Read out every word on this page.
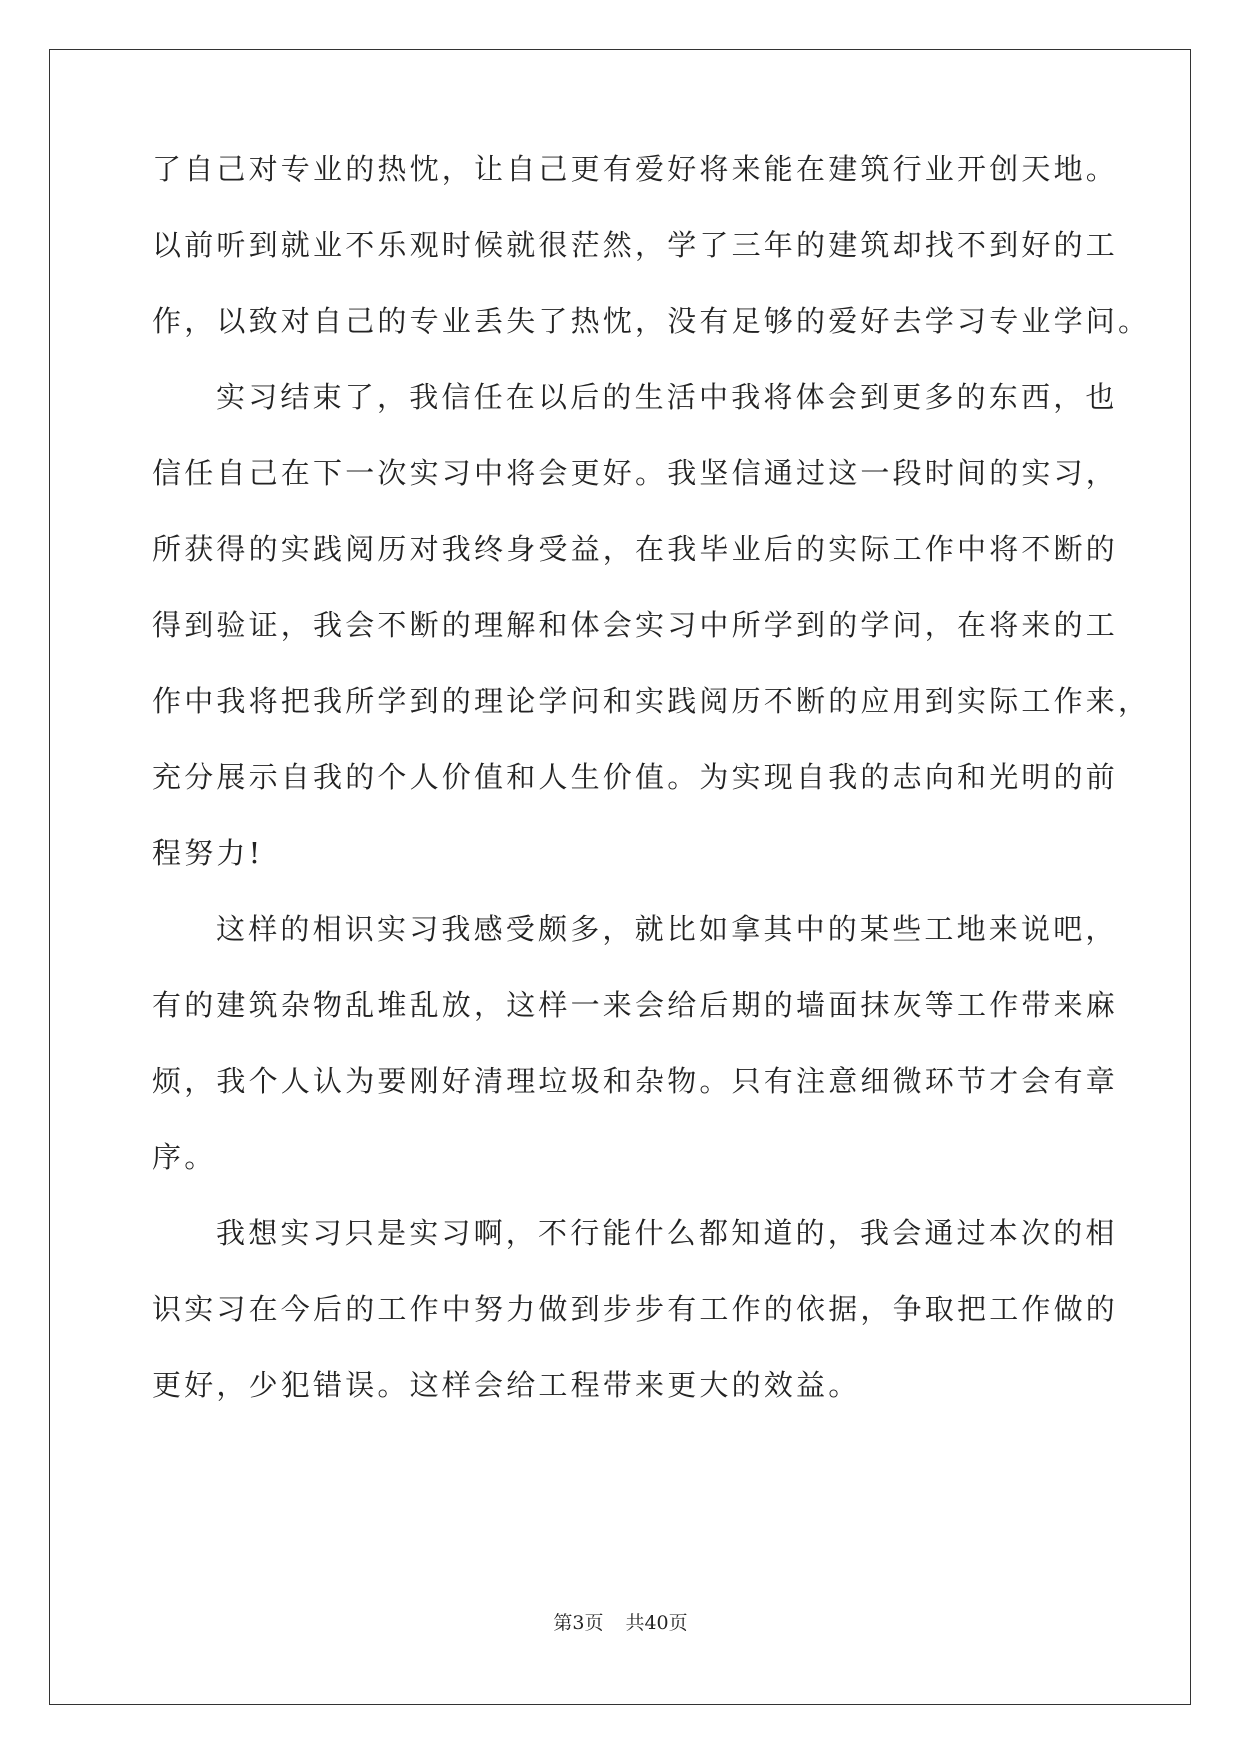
了自己对专业的热忱，让自己更有爱好将来能在建筑行业开创天地。
以前听到就业不乐观时候就很茫然，学了三年的建筑却找不到好的工
作，以致对自己的专业丢失了热忱，没有足够的爱好去学习专业学问。
实习结束了，我信任在以后的生活中我将体会到更多的东西，也
信任自己在下一次实习中将会更好。我坚信通过这一段时间的实习，
所获得的实践阅历对我终身受益，在我毕业后的实际工作中将不断的
得到验证，我会不断的理解和体会实习中所学到的学问，在将来的工
作中我将把我所学到的理论学问和实践阅历不断的应用到实际工作来，
充分展示自我的个人价值和人生价值。为实现自我的志向和光明的前
程努力!
这样的相识实习我感受颇多，就比如拿其中的某些工地来说吧，
有的建筑杂物乱堆乱放，这样一来会给后期的墙面抹灰等工作带来麻
烦，我个人认为要刚好清理垃圾和杂物。只有注意细微环节才会有章
序。
我想实习只是实习啊，不行能什么都知道的，我会通过本次的相
识实习在今后的工作中努力做到步步有工作的依据，争取把工作做的
更好，少犯错误。这样会给工程带来更大的效益。
第3页 共40页
